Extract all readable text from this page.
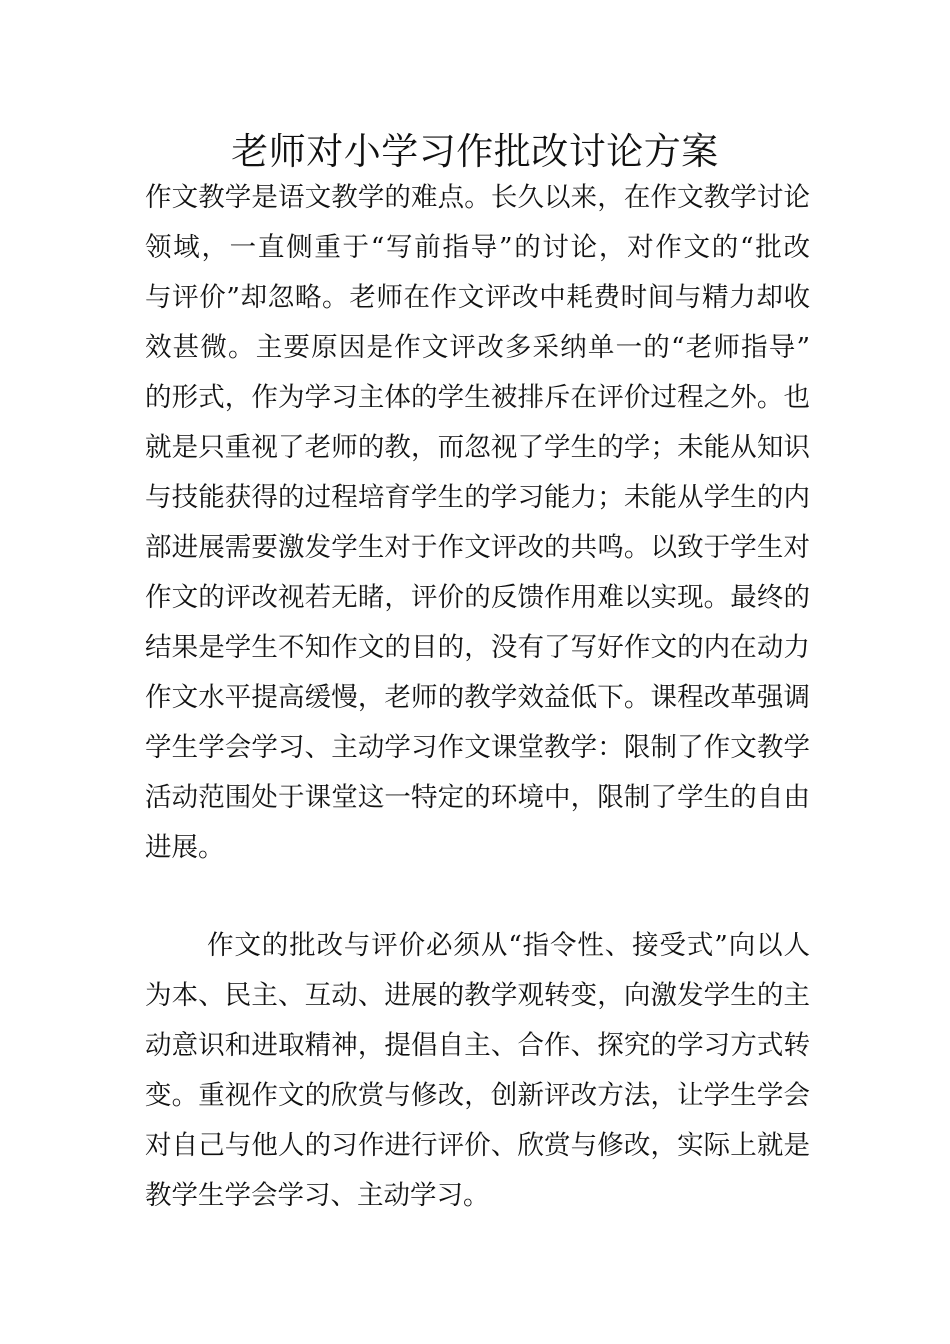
老师对小学习作批改讨论方案
作文教学是语文教学的难点。长久以来，在作文教学讨论
领域，一直侧重于“写前指导”的讨论，对作文的“批改
与评价”却忽略。老师在作文评改中耗费时间与精力却收
效甚微。主要原因是作文评改多采纳单一的“老师指导”
的形式，作为学习主体的学生被排斥在评价过程之外。也
就是只重视了老师的教，而忽视了学生的学；未能从知识
与技能获得的过程培育学生的学习能力；未能从学生的内
部进展需要激发学生对于作文评改的共鸣。以致于学生对
作文的评改视若无睹，评价的反馈作用难以实现。最终的
结果是学生不知作文的目的，没有了写好作文的内在动力
作文水平提高缓慢，老师的教学效益低下。课程改革强调
学生学会学习、主动学习作文课堂教学：限制了作文教学
活动范围处于课堂这一特定的环境中，限制了学生的自由
进展。
作文的批改与评价必须从“指令性、接受式”向以人
为本、民主、互动、进展的教学观转变，向激发学生的主
动意识和进取精神，提倡自主、合作、探究的学习方式转
变。重视作文的欣赏与修改，创新评改方法，让学生学会
对自己与他人的习作进行评价、欣赏与修改，实际上就是
教学生学会学习、主动学习。
